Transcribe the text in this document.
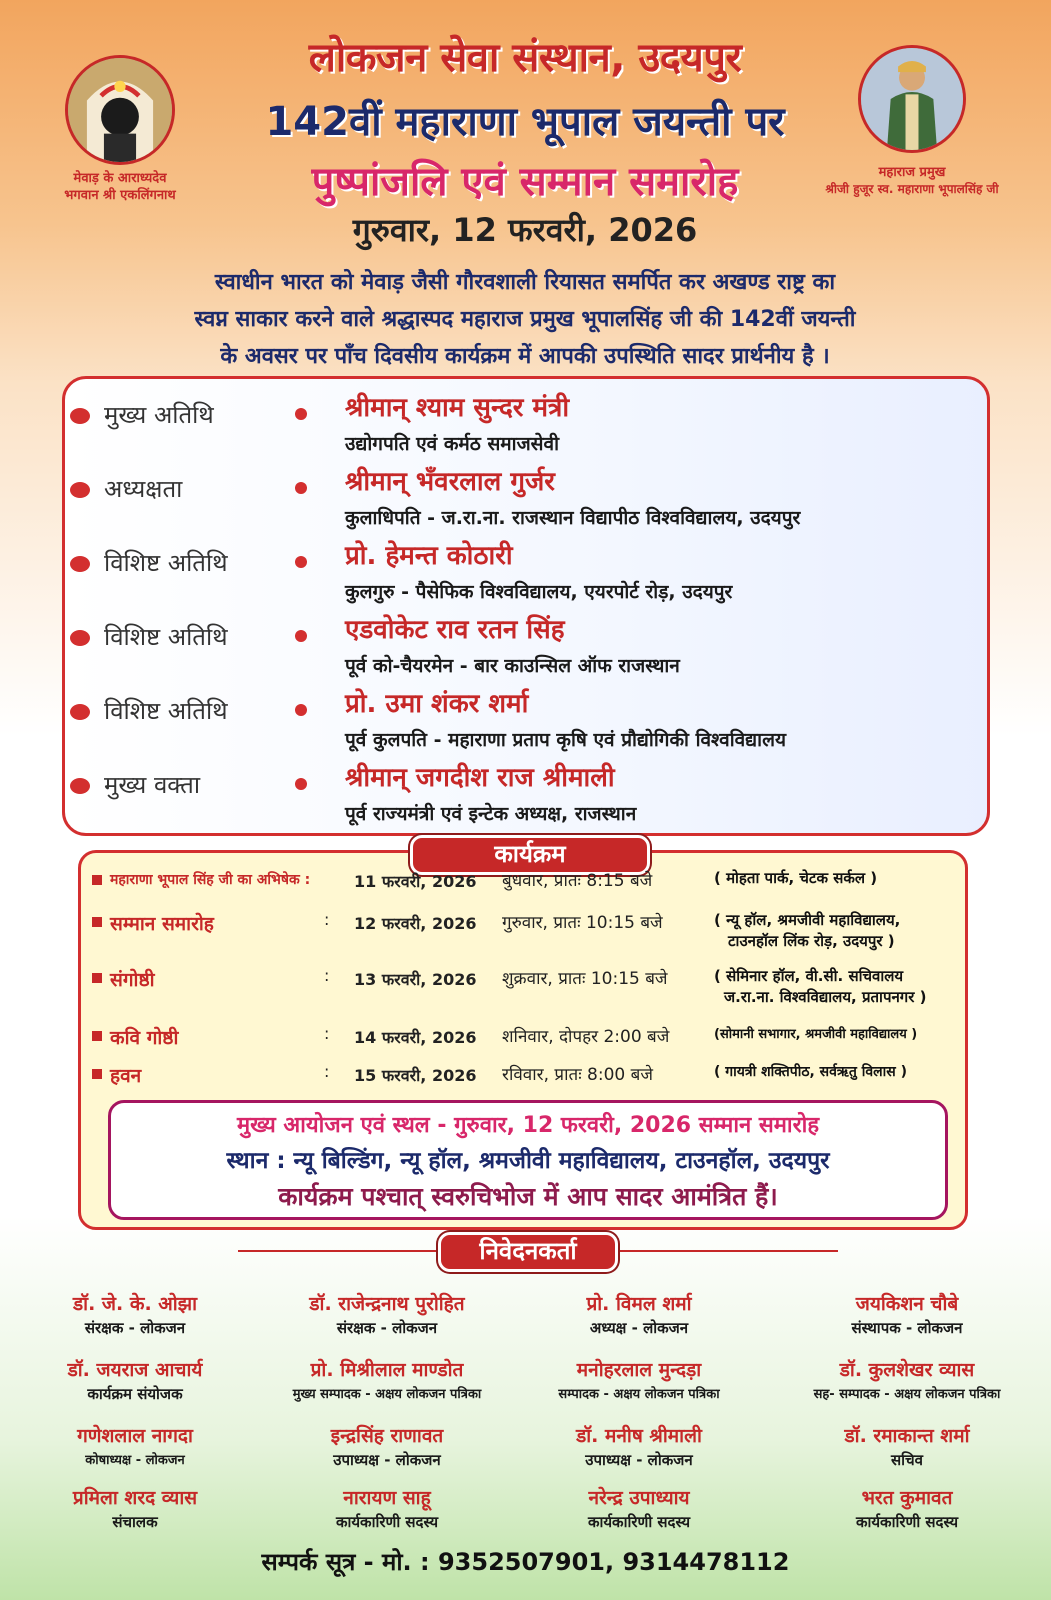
मेवाड़ के आराध्यदेव
भगवान श्री एकलिंगनाथ
महाराज प्रमुख
श्रीजी हुजूर स्व. महाराणा भूपालसिंह जी
लोकजन सेवा संस्थान, उदयपुर
142वीं महाराणा भूपाल जयन्ती पर
पुष्पांजलि एवं सम्मान समारोह
गुरुवार, 12 फरवरी, 2026
स्वाधीन भारत को मेवाड़ जैसी गौरवशाली रियासत समर्पित कर अखण्ड राष्ट्र का
स्वप्न साकार करने वाले श्रद्धास्पद महाराज प्रमुख भूपालसिंह जी की 142वीं जयन्ती
के अवसर पर पाँच दिवसीय कार्यक्रम में आपकी उपस्थिति सादर प्रार्थनीय है ।
मुख्य अतिथि	श्रीमान् श्याम सुन्दर मंत्री
उद्योगपति एवं कर्मठ समाजसेवी
अध्यक्षता	श्रीमान् भँवरलाल गुर्जर
कुलाधिपति - ज.रा.ना. राजस्थान विद्यापीठ विश्वविद्यालय, उदयपुर
विशिष्ट अतिथि	प्रो. हेमन्त कोठारी
कुलगुरु - पैसेफिक विश्वविद्यालय, एयरपोर्ट रोड़, उदयपुर
विशिष्ट अतिथि	एडवोकेट राव रतन सिंह
पूर्व को-चैयरमेन - बार काउन्सिल ऑफ राजस्थान
विशिष्ट अतिथि	प्रो. उमा शंकर शर्मा
पूर्व कुलपति - महाराणा प्रताप कृषि एवं प्रौद्योगिकी विश्वविद्यालय
मुख्य वक्ता	श्रीमान् जगदीश राज श्रीमाली
पूर्व राज्यमंत्री एवं इन्टेक अध्यक्ष, राजस्थान
कार्यक्रम
महाराणा भूपाल सिंह जी का अभिषेक :	11 फरवरी, 2026 बुधवार, प्रातः 8:15 बजे	( मोहता पार्क, चेटक सर्कल )
सम्मान समारोह	: 12 फरवरी, 2026 गुरुवार, प्रातः 10:15 बजे	( न्यू हॉल, श्रमजीवी महाविद्यालय,
टाउनहॉल लिंक रोड़, उदयपुर )
संगोष्ठी	: 13 फरवरी, 2026 शुक्रवार, प्रातः 10:15 बजे	( सेमिनार हॉल, वी.सी. सचिवालय
ज.रा.ना. विश्वविद्यालय, प्रतापनगर )
कवि गोष्ठी	: 14 फरवरी, 2026 शनिवार, दोपहर 2:00 बजे	(सोमानी सभागार, श्रमजीवी महाविद्यालय )
हवन	: 15 फरवरी, 2026 रविवार, प्रातः 8:00 बजे	( गायत्री शक्तिपीठ, सर्वऋतु विलास )
मुख्य आयोजन एवं स्थल - गुरुवार, 12 फरवरी, 2026 सम्मान समारोह
स्थान : न्यू बिल्डिंग, न्यू हॉल, श्रमजीवी महाविद्यालय, टाउनहॉल, उदयपुर
कार्यक्रम पश्चात् स्वरुचिभोज में आप सादर आमंत्रित हैं।
निवेदनकर्ता
डॉ. जे. के. ओझा
संरक्षक - लोकजन
डॉ. राजेन्द्रनाथ पुरोहित
संरक्षक - लोकजन
प्रो. विमल शर्मा
अध्यक्ष - लोकजन
जयकिशन चौबे
संस्थापक - लोकजन
डॉ. जयराज आचार्य
कार्यक्रम संयोजक
प्रो. मिश्रीलाल माण्डोत
मुख्य सम्पादक - अक्षय लोकजन पत्रिका
मनोहरलाल मुन्दड़ा
सम्पादक - अक्षय लोकजन पत्रिका
डॉ. कुलशेखर व्यास
सह- सम्पादक - अक्षय लोकजन पत्रिका
गणेशलाल नागदा
कोषाध्यक्ष - लोकजन
इन्द्रसिंह राणावत
उपाध्यक्ष - लोकजन
डॉ. मनीष श्रीमाली
उपाध्यक्ष - लोकजन
डॉ. रमाकान्त शर्मा
सचिव
प्रमिला शरद व्यास
संचालक
नारायण साहू
कार्यकारिणी सदस्य
नरेन्द्र उपाध्याय
कार्यकारिणी सदस्य
भरत कुमावत
कार्यकारिणी सदस्य
सम्पर्क सूत्र - मो. : 9352507901, 9314478112
